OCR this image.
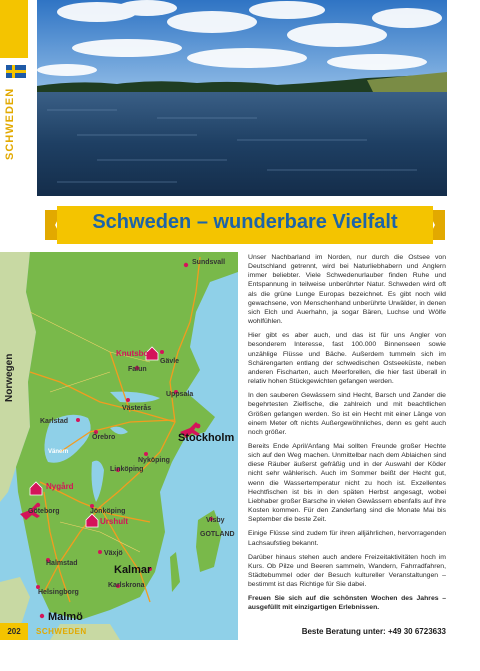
SCHWEDEN
Schweden – wunderbare Vielfalt
Norwegen
Sundsvall
Knutsbo
Falun
Gävle
Uppsala
Västerås
Karlstad
Örebro	Stockholm
Vänern
Nyköping
Linköping
Nygård
Göteborg	Jönköping
Urshult	Visby
GOTLAND
Växjö
Kalmar
Halmstad
Karlskrona
Helsingborg
Malmö

Unser Nachbarland im Norden, nur durch die Ostsee von Deutschland getrennt, wird bei Naturliebhabern und Anglern immer beliebter. Viele Schwedenurlauber finden Ruhe und Entspannung in teilweise unberührter Natur. Schweden wird oft als die grüne Lunge Europas bezeichnet. Es gibt noch wild gewachsene, von Menschenhand unberührte Urwälder, in denen sich Elch und Auerhahn, ja sogar Bären, Luchse und Wölfe wohlfühlen.

Hier gibt es aber auch, und das ist für uns Angler von besonderem Interesse, fast 100.000 Binnenseen sowie unzählige Flüsse und Bäche. Außerdem tummeln sich im Schärengarten entlang der schwedischen Ostseeküste, neben anderen Fischarten, auch Meerforellen, die hier fast überall in relativ hohen Stückgewichten gefangen werden.

In den sauberen Gewässern sind Hecht, Barsch und Zander die begehrtesten Zielfische, die zahlreich und mit beachtlichen Größen gefangen werden. So ist ein Hecht mit einer Länge von einem Meter oft nichts Außergewöhnliches, denn es geht auch noch größer.

Bereits Ende April/Anfang Mai sollten Freunde großer Hechte sich auf den Weg machen. Unmittelbar nach dem Ablaichen sind diese Räuber äußerst gefräßig und in der Auswahl der Köder nicht sehr wählerisch. Auch im Sommer beißt der Hecht gut, wenn die Wassertemperatur nicht zu hoch ist. Exzellentes Hechtfischen ist bis in den späten Herbst angesagt, wobei Liebhaber großer Barsche in vielen Gewässern ebenfalls auf ihre Kosten kommen. Für den Zanderfang sind die Monate Mai bis September die beste Zeit.

Einige Flüsse sind zudem für ihren alljährlichen, hervorragenden Lachsaufstieg bekannt.

Darüber hinaus stehen auch andere Freizeitaktivitäten hoch im Kurs. Ob Pilze und Beeren sammeln, Wandern, Fahrradfahren, Städtebummel oder der Besuch kultureller Veranstaltungen – bestimmt ist das Richtige für Sie dabei.

Freuen Sie sich auf die schönsten Wochen des Jahres – ausgefüllt mit einzigartigen Erlebnissen.

202	SCHWEDEN	Beste Beratung unter: +49 30 6723633
